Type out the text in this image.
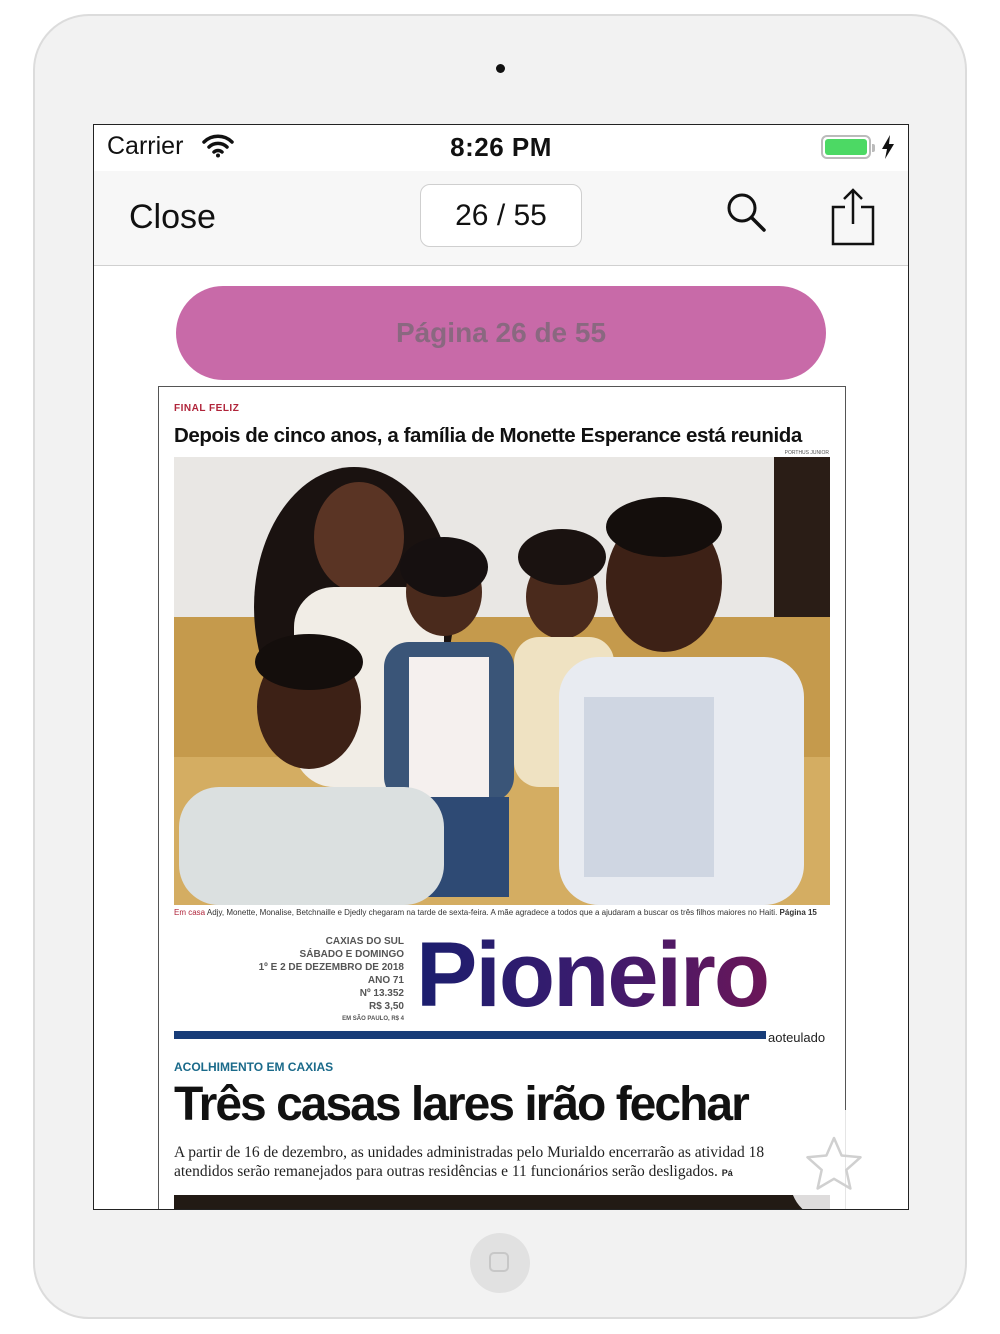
Carrier	8:26 PM
Close	26 / 55
Página 26 de 55
FINAL FELIZ
Depois de cinco anos, a família de Monette Esperance está reunida
PORTHUS JUNIOR
Em casa Adjy, Monette, Monalise, Betchnaille e Djedly chegaram na tarde de sexta-feira. A mãe agradece a todos que a ajudaram a buscar os três filhos maiores no Haiti. Página 15
CAXIAS DO SUL
SÁBADO E DOMINGO
1º E 2 DE DEZEMBRO DE 2018
ANO 71
Nº 13.352
R$ 3,50
EM SÃO PAULO, R$ 4 Pioneiro
aoteulado
ACOLHIMENTO EM CAXIAS
Três casas lares irão fechar
A partir de 16 de dezembro, as unidades administradas pelo Murialdo encerrarão as atividad 18 atendidos serão remanejados para outras residências e 11 funcionários serão desligados. Pá
